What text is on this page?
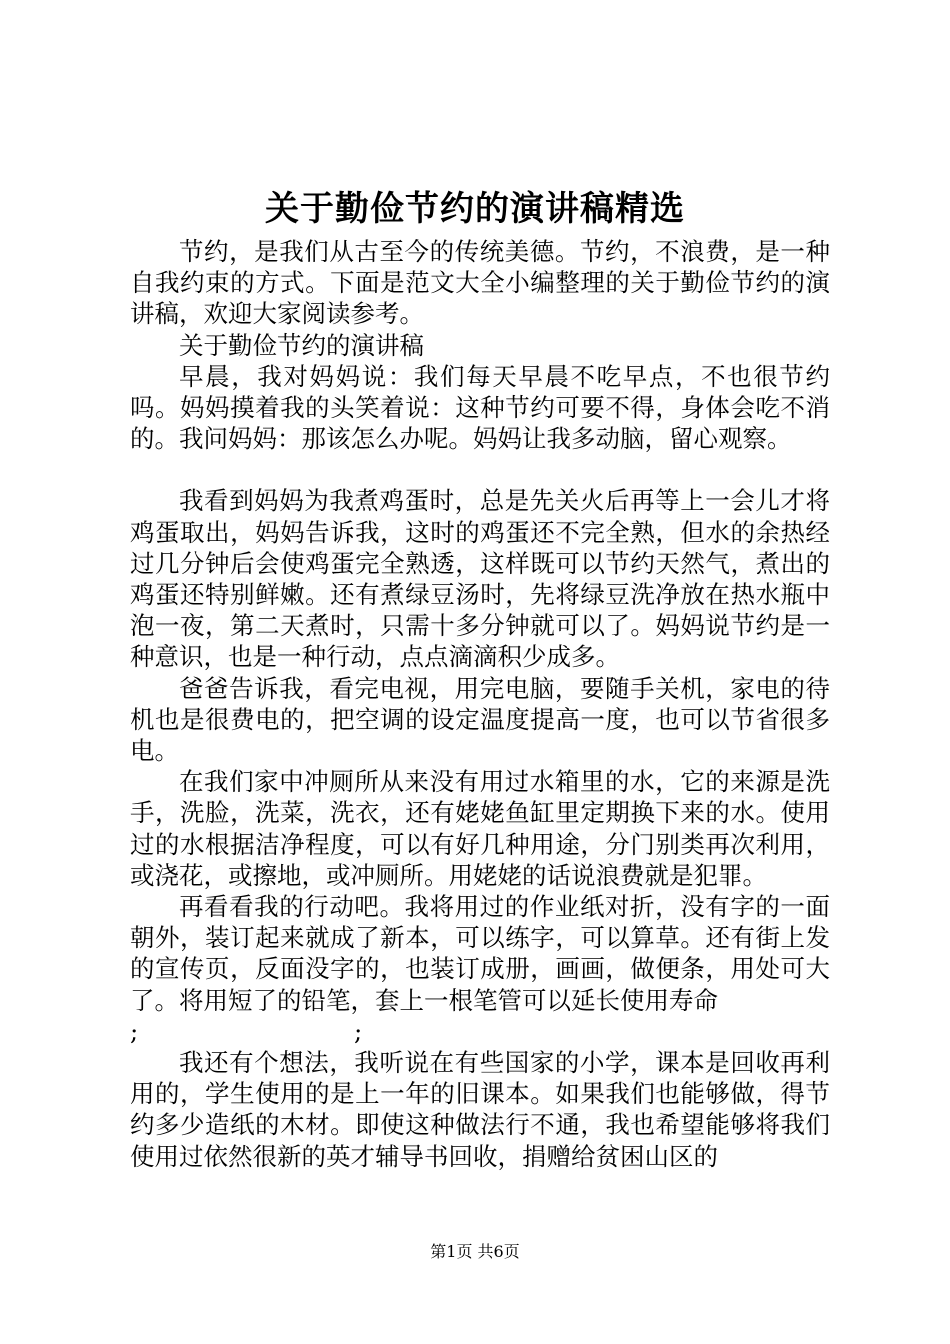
关于勤俭节约的演讲稿精选

节约，是我们从古至今的传统美德。节约，不浪费，是一种自我约束的方式。下面是范文大全小编整理的关于勤俭节约的演讲稿，欢迎大家阅读参考。

关于勤俭节约的演讲稿

早晨，我对妈妈说：我们每天早晨不吃早点，不也很节约吗。妈妈摸着我的头笑着说：这种节约可要不得，身体会吃不消的。我问妈妈：那该怎么办呢。妈妈让我多动脑，留心观察。

我看到妈妈为我煮鸡蛋时，总是先关火后再等上一会儿才将鸡蛋取出，妈妈告诉我，这时的鸡蛋还不完全熟，但水的余热经过几分钟后会使鸡蛋完全熟透，这样既可以节约天然气，煮出的鸡蛋还特别鲜嫩。还有煮绿豆汤时，先将绿豆洗净放在热水瓶中泡一夜，第二天煮时，只需十多分钟就可以了。妈妈说节约是一种意识，也是一种行动，点点滴滴积少成多。

爸爸告诉我，看完电视，用完电脑，要随手关机，家电的待机也是很费电的，把空调的设定温度提高一度，也可以节省很多电。

在我们家中冲厕所从来没有用过水箱里的水，它的来源是洗手，洗脸，洗菜，洗衣，还有姥姥鱼缸里定期换下来的水。使用过的水根据洁净程度，可以有好几种用途，分门别类再次利用，或浇花，或擦地，或冲厕所。用姥姥的话说浪费就是犯罪。

再看看我的行动吧。我将用过的作业纸对折，没有字的一面朝外，装订起来就成了新本，可以练字，可以算草。还有街上发的宣传页，反面没字的，也装订成册，画画，做便条，用处可大了。将用短了的铅笔，套上一根笔管可以延长使用寿命

;	;

我还有个想法，我听说在有些国家的小学，课本是回收再利用的，学生使用的是上一年的旧课本。如果我们也能够做，得节约多少造纸的木材。即使这种做法行不通，我也希望能够将我们使用过依然很新的英才辅导书回收，捐赠给贫困山区的

第1页 共6页
